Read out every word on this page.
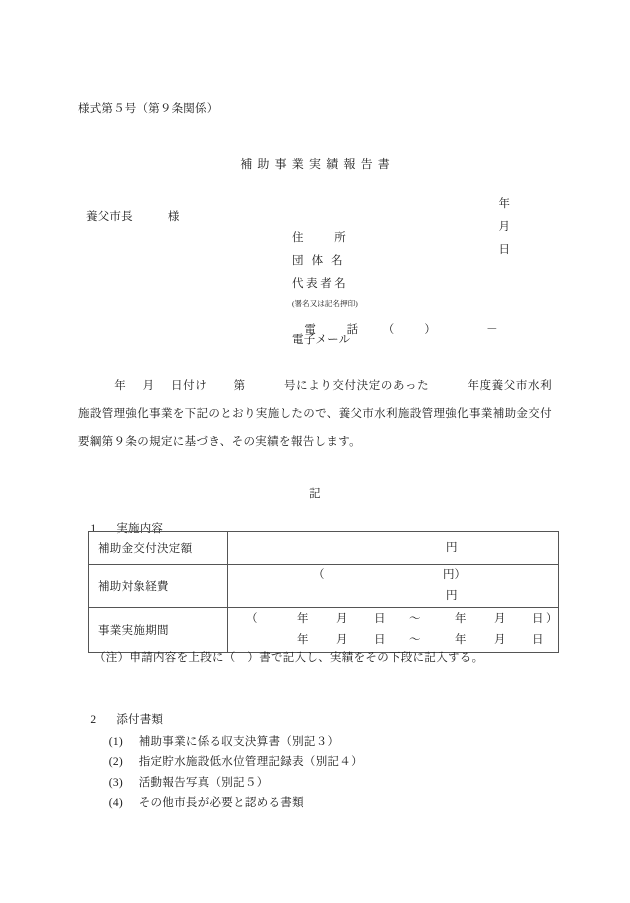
様式第５号（第９条関係）
補助事業実績報告書

年

月

日

養父市長　　　様
住　　所
団 体 名
代表者名
(署名又は記名押印)

電　　話 （	）	－

電子メール
年 月 日付け 第	号により交付決定のあった	年度養父市水利施設管理強化事業を下記のとおり実施したので、養父市水利施設管理強化事業補助金交付要綱第９条の規定に基づき、その実績を報告します。
記

1 実施内容

補助金交付決定額	円

補助対象経費	（ 円）
円

事業実施期間	
（	年 月 日 ～	年 月 日 ）
年 月 日 ～	年 月 日
（注）申請内容を上段に（　）書で記入し、実績をその下段に記入する。

2 添付書類

(1) 補助事業に係る収支決算書（別記３）

(2) 指定貯水施設低水位管理記録表（別記４）

(3) 活動報告写真（別記５）

(4) その他市長が必要と認める書類
